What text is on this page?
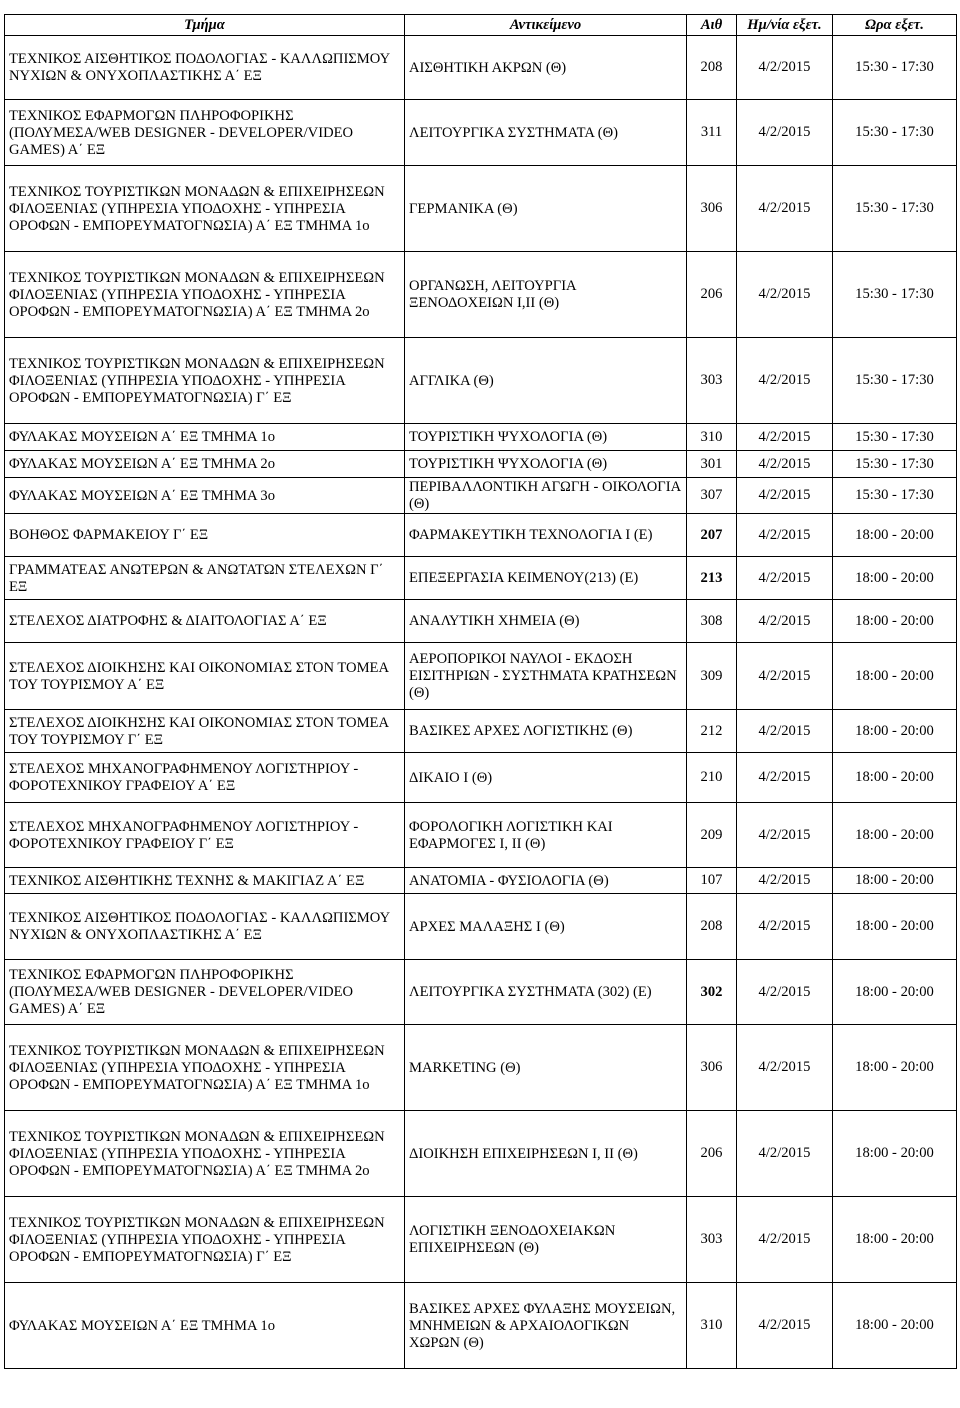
Τμήμα	Αντικείμενο	Αιθ	Ημ/νία εξετ.	Ωρα εξετ.
ΤΕΧΝΙΚΟΣ ΑΙΣΘΗΤΙΚΟΣ ΠΟΔΟΛΟΓΙΑΣ - ΚΑΛΛΩΠΙΣΜΟΥ ΝΥΧΙΩΝ & ΟΝΥΧΟΠΛΑΣΤΙΚΗΣ Α΄ ΕΞ	ΑΙΣΘΗΤΙΚΗ ΑΚΡΩΝ (Θ)	208	4/2/2015	15:30 - 17:30
ΤΕΧΝΙΚΟΣ ΕΦΑΡΜΟΓΩΝ ΠΛΗΡΟΦΟΡΙΚΗΣ (ΠΟΛΥΜΕΣΑ/WEB DESIGNER - DEVELOPER/VIDEO GAMES) Α΄ ΕΞ	ΛΕΙΤΟΥΡΓΙΚΑ ΣΥΣΤΗΜΑΤΑ (Θ)	311	4/2/2015	15:30 - 17:30
ΤΕΧΝΙΚΟΣ ΤΟΥΡΙΣΤΙΚΩΝ ΜΟΝΑΔΩΝ & ΕΠΙΧΕΙΡΗΣΕΩΝ ΦΙΛΟΞΕΝΙΑΣ (ΥΠΗΡΕΣΙΑ ΥΠΟΔΟΧΗΣ - ΥΠΗΡΕΣΙΑ ΟΡΟΦΩΝ - ΕΜΠΟΡΕΥΜΑΤΟΓΝΩΣΙΑ) Α΄ ΕΞ ΤΜΗΜΑ 1ο	ΓΕΡΜΑΝΙΚΑ (Θ)	306	4/2/2015	15:30 - 17:30
ΤΕΧΝΙΚΟΣ ΤΟΥΡΙΣΤΙΚΩΝ ΜΟΝΑΔΩΝ & ΕΠΙΧΕΙΡΗΣΕΩΝ ΦΙΛΟΞΕΝΙΑΣ (ΥΠΗΡΕΣΙΑ ΥΠΟΔΟΧΗΣ - ΥΠΗΡΕΣΙΑ ΟΡΟΦΩΝ - ΕΜΠΟΡΕΥΜΑΤΟΓΝΩΣΙΑ) Α΄ ΕΞ ΤΜΗΜΑ 2ο	ΟΡΓΑΝΩΣΗ, ΛΕΙΤΟΥΡΓΙΑ ΞΕΝΟΔΟΧΕΙΩΝ Ι,ΙΙ (Θ)	206	4/2/2015	15:30 - 17:30
ΤΕΧΝΙΚΟΣ ΤΟΥΡΙΣΤΙΚΩΝ ΜΟΝΑΔΩΝ & ΕΠΙΧΕΙΡΗΣΕΩΝ ΦΙΛΟΞΕΝΙΑΣ (ΥΠΗΡΕΣΙΑ ΥΠΟΔΟΧΗΣ - ΥΠΗΡΕΣΙΑ ΟΡΟΦΩΝ - ΕΜΠΟΡΕΥΜΑΤΟΓΝΩΣΙΑ) Γ΄ ΕΞ	ΑΓΓΛΙΚΑ (Θ)	303	4/2/2015	15:30 - 17:30
ΦΥΛΑΚΑΣ ΜΟΥΣΕΙΩΝ Α΄ ΕΞ ΤΜΗΜΑ 1ο	ΤΟΥΡΙΣΤΙΚΗ ΨΥΧΟΛΟΓΙΑ (Θ)	310	4/2/2015	15:30 - 17:30
ΦΥΛΑΚΑΣ ΜΟΥΣΕΙΩΝ Α΄ ΕΞ ΤΜΗΜΑ 2ο	ΤΟΥΡΙΣΤΙΚΗ ΨΥΧΟΛΟΓΙΑ (Θ)	301	4/2/2015	15:30 - 17:30
ΦΥΛΑΚΑΣ ΜΟΥΣΕΙΩΝ Α΄ ΕΞ ΤΜΗΜΑ 3ο	ΠΕΡΙΒΑΛΛΟΝΤΙΚΗ ΑΓΩΓΗ - ΟΙΚΟΛΟΓΙΑ (Θ)	307	4/2/2015	15:30 - 17:30
ΒΟΗΘΟΣ ΦΑΡΜΑΚΕΙΟΥ Γ΄ ΕΞ	ΦΑΡΜΑΚΕΥΤΙΚΗ ΤΕΧΝΟΛΟΓΙΑ Ι (Ε)	207	4/2/2015	18:00 - 20:00
ΓΡΑΜΜΑΤΕΑΣ ΑΝΩΤΕΡΩΝ & ΑΝΩΤΑΤΩΝ ΣΤΕΛΕΧΩΝ Γ΄ ΕΞ	ΕΠΕΞΕΡΓΑΣΙΑ ΚΕΙΜΕΝΟΥ(213) (Ε)	213	4/2/2015	18:00 - 20:00
ΣΤΕΛΕΧΟΣ ΔΙΑΤΡΟΦΗΣ & ΔΙΑΙΤΟΛΟΓΙΑΣ Α΄ ΕΞ	ΑΝΑΛΥΤΙΚΗ ΧΗΜΕΙΑ (Θ)	308	4/2/2015	18:00 - 20:00
ΣΤΕΛΕΧΟΣ ΔΙΟΙΚΗΣΗΣ ΚΑΙ ΟΙΚΟΝΟΜΙΑΣ ΣΤΟΝ ΤΟΜΕΑ ΤΟΥ ΤΟΥΡΙΣΜΟΥ Α΄ ΕΞ	ΑΕΡΟΠΟΡΙΚΟΙ ΝΑΥΛΟΙ - ΕΚΔΟΣΗ ΕΙΣΙΤΗΡΙΩΝ - ΣΥΣΤΗΜΑΤΑ ΚΡΑΤΗΣΕΩΝ (Θ)	309	4/2/2015	18:00 - 20:00
ΣΤΕΛΕΧΟΣ ΔΙΟΙΚΗΣΗΣ ΚΑΙ ΟΙΚΟΝΟΜΙΑΣ ΣΤΟΝ ΤΟΜΕΑ ΤΟΥ ΤΟΥΡΙΣΜΟΥ Γ΄ ΕΞ	ΒΑΣΙΚΕΣ ΑΡΧΕΣ ΛΟΓΙΣΤΙΚΗΣ (Θ)	212	4/2/2015	18:00 - 20:00
ΣΤΕΛΕΧΟΣ ΜΗΧΑΝΟΓΡΑΦΗΜΕΝΟΥ ΛΟΓΙΣΤΗΡΙΟΥ - ΦΟΡΟΤΕΧΝΙΚΟΥ ΓΡΑΦΕΙΟΥ Α΄ ΕΞ	ΔΙΚΑΙΟ Ι (Θ)	210	4/2/2015	18:00 - 20:00
ΣΤΕΛΕΧΟΣ ΜΗΧΑΝΟΓΡΑΦΗΜΕΝΟΥ ΛΟΓΙΣΤΗΡΙΟΥ - ΦΟΡΟΤΕΧΝΙΚΟΥ ΓΡΑΦΕΙΟΥ Γ΄ ΕΞ	ΦΟΡΟΛΟΓΙΚΗ ΛΟΓΙΣΤΙΚΗ ΚΑΙ ΕΦΑΡΜΟΓΕΣ Ι, ΙΙ (Θ)	209	4/2/2015	18:00 - 20:00
ΤΕΧΝΙΚΟΣ ΑΙΣΘΗΤΙΚΗΣ ΤΕΧΝΗΣ & ΜΑΚΙΓΙΑΖ Α΄ ΕΞ	ΑΝΑΤΟΜΙΑ - ΦΥΣΙΟΛΟΓΙΑ (Θ)	107	4/2/2015	18:00 - 20:00
ΤΕΧΝΙΚΟΣ ΑΙΣΘΗΤΙΚΟΣ ΠΟΔΟΛΟΓΙΑΣ - ΚΑΛΛΩΠΙΣΜΟΥ ΝΥΧΙΩΝ & ΟΝΥΧΟΠΛΑΣΤΙΚΗΣ Α΄ ΕΞ	ΑΡΧΕΣ ΜΑΛΑΞΗΣ Ι (Θ)	208	4/2/2015	18:00 - 20:00
ΤΕΧΝΙΚΟΣ ΕΦΑΡΜΟΓΩΝ ΠΛΗΡΟΦΟΡΙΚΗΣ (ΠΟΛΥΜΕΣΑ/WEB DESIGNER - DEVELOPER/VIDEO GAMES) Α΄ ΕΞ	ΛΕΙΤΟΥΡΓΙΚΑ ΣΥΣΤΗΜΑΤΑ (302) (Ε)	302	4/2/2015	18:00 - 20:00
ΤΕΧΝΙΚΟΣ ΤΟΥΡΙΣΤΙΚΩΝ ΜΟΝΑΔΩΝ & ΕΠΙΧΕΙΡΗΣΕΩΝ ΦΙΛΟΞΕΝΙΑΣ (ΥΠΗΡΕΣΙΑ ΥΠΟΔΟΧΗΣ - ΥΠΗΡΕΣΙΑ ΟΡΟΦΩΝ - ΕΜΠΟΡΕΥΜΑΤΟΓΝΩΣΙΑ) Α΄ ΕΞ ΤΜΗΜΑ 1ο	MARKETING (Θ)	306	4/2/2015	18:00 - 20:00
ΤΕΧΝΙΚΟΣ ΤΟΥΡΙΣΤΙΚΩΝ ΜΟΝΑΔΩΝ & ΕΠΙΧΕΙΡΗΣΕΩΝ ΦΙΛΟΞΕΝΙΑΣ (ΥΠΗΡΕΣΙΑ ΥΠΟΔΟΧΗΣ - ΥΠΗΡΕΣΙΑ ΟΡΟΦΩΝ - ΕΜΠΟΡΕΥΜΑΤΟΓΝΩΣΙΑ) Α΄ ΕΞ ΤΜΗΜΑ 2ο	ΔΙΟΙΚΗΣΗ ΕΠΙΧΕΙΡΗΣΕΩΝ Ι, ΙΙ (Θ)	206	4/2/2015	18:00 - 20:00
ΤΕΧΝΙΚΟΣ ΤΟΥΡΙΣΤΙΚΩΝ ΜΟΝΑΔΩΝ & ΕΠΙΧΕΙΡΗΣΕΩΝ ΦΙΛΟΞΕΝΙΑΣ (ΥΠΗΡΕΣΙΑ ΥΠΟΔΟΧΗΣ - ΥΠΗΡΕΣΙΑ ΟΡΟΦΩΝ - ΕΜΠΟΡΕΥΜΑΤΟΓΝΩΣΙΑ) Γ΄ ΕΞ	ΛΟΓΙΣΤΙΚΗ ΞΕΝΟΔΟΧΕΙΑΚΩΝ ΕΠΙΧΕΙΡΗΣΕΩΝ (Θ)	303	4/2/2015	18:00 - 20:00
ΦΥΛΑΚΑΣ ΜΟΥΣΕΙΩΝ Α΄ ΕΞ ΤΜΗΜΑ 1ο	ΒΑΣΙΚΕΣ ΑΡΧΕΣ ΦΥΛΑΞΗΣ ΜΟΥΣΕΙΩΝ, ΜΝΗΜΕΙΩΝ & ΑΡΧΑΙΟΛΟΓΙΚΩΝ ΧΩΡΩΝ (Θ)	310	4/2/2015	18:00 - 20:00
